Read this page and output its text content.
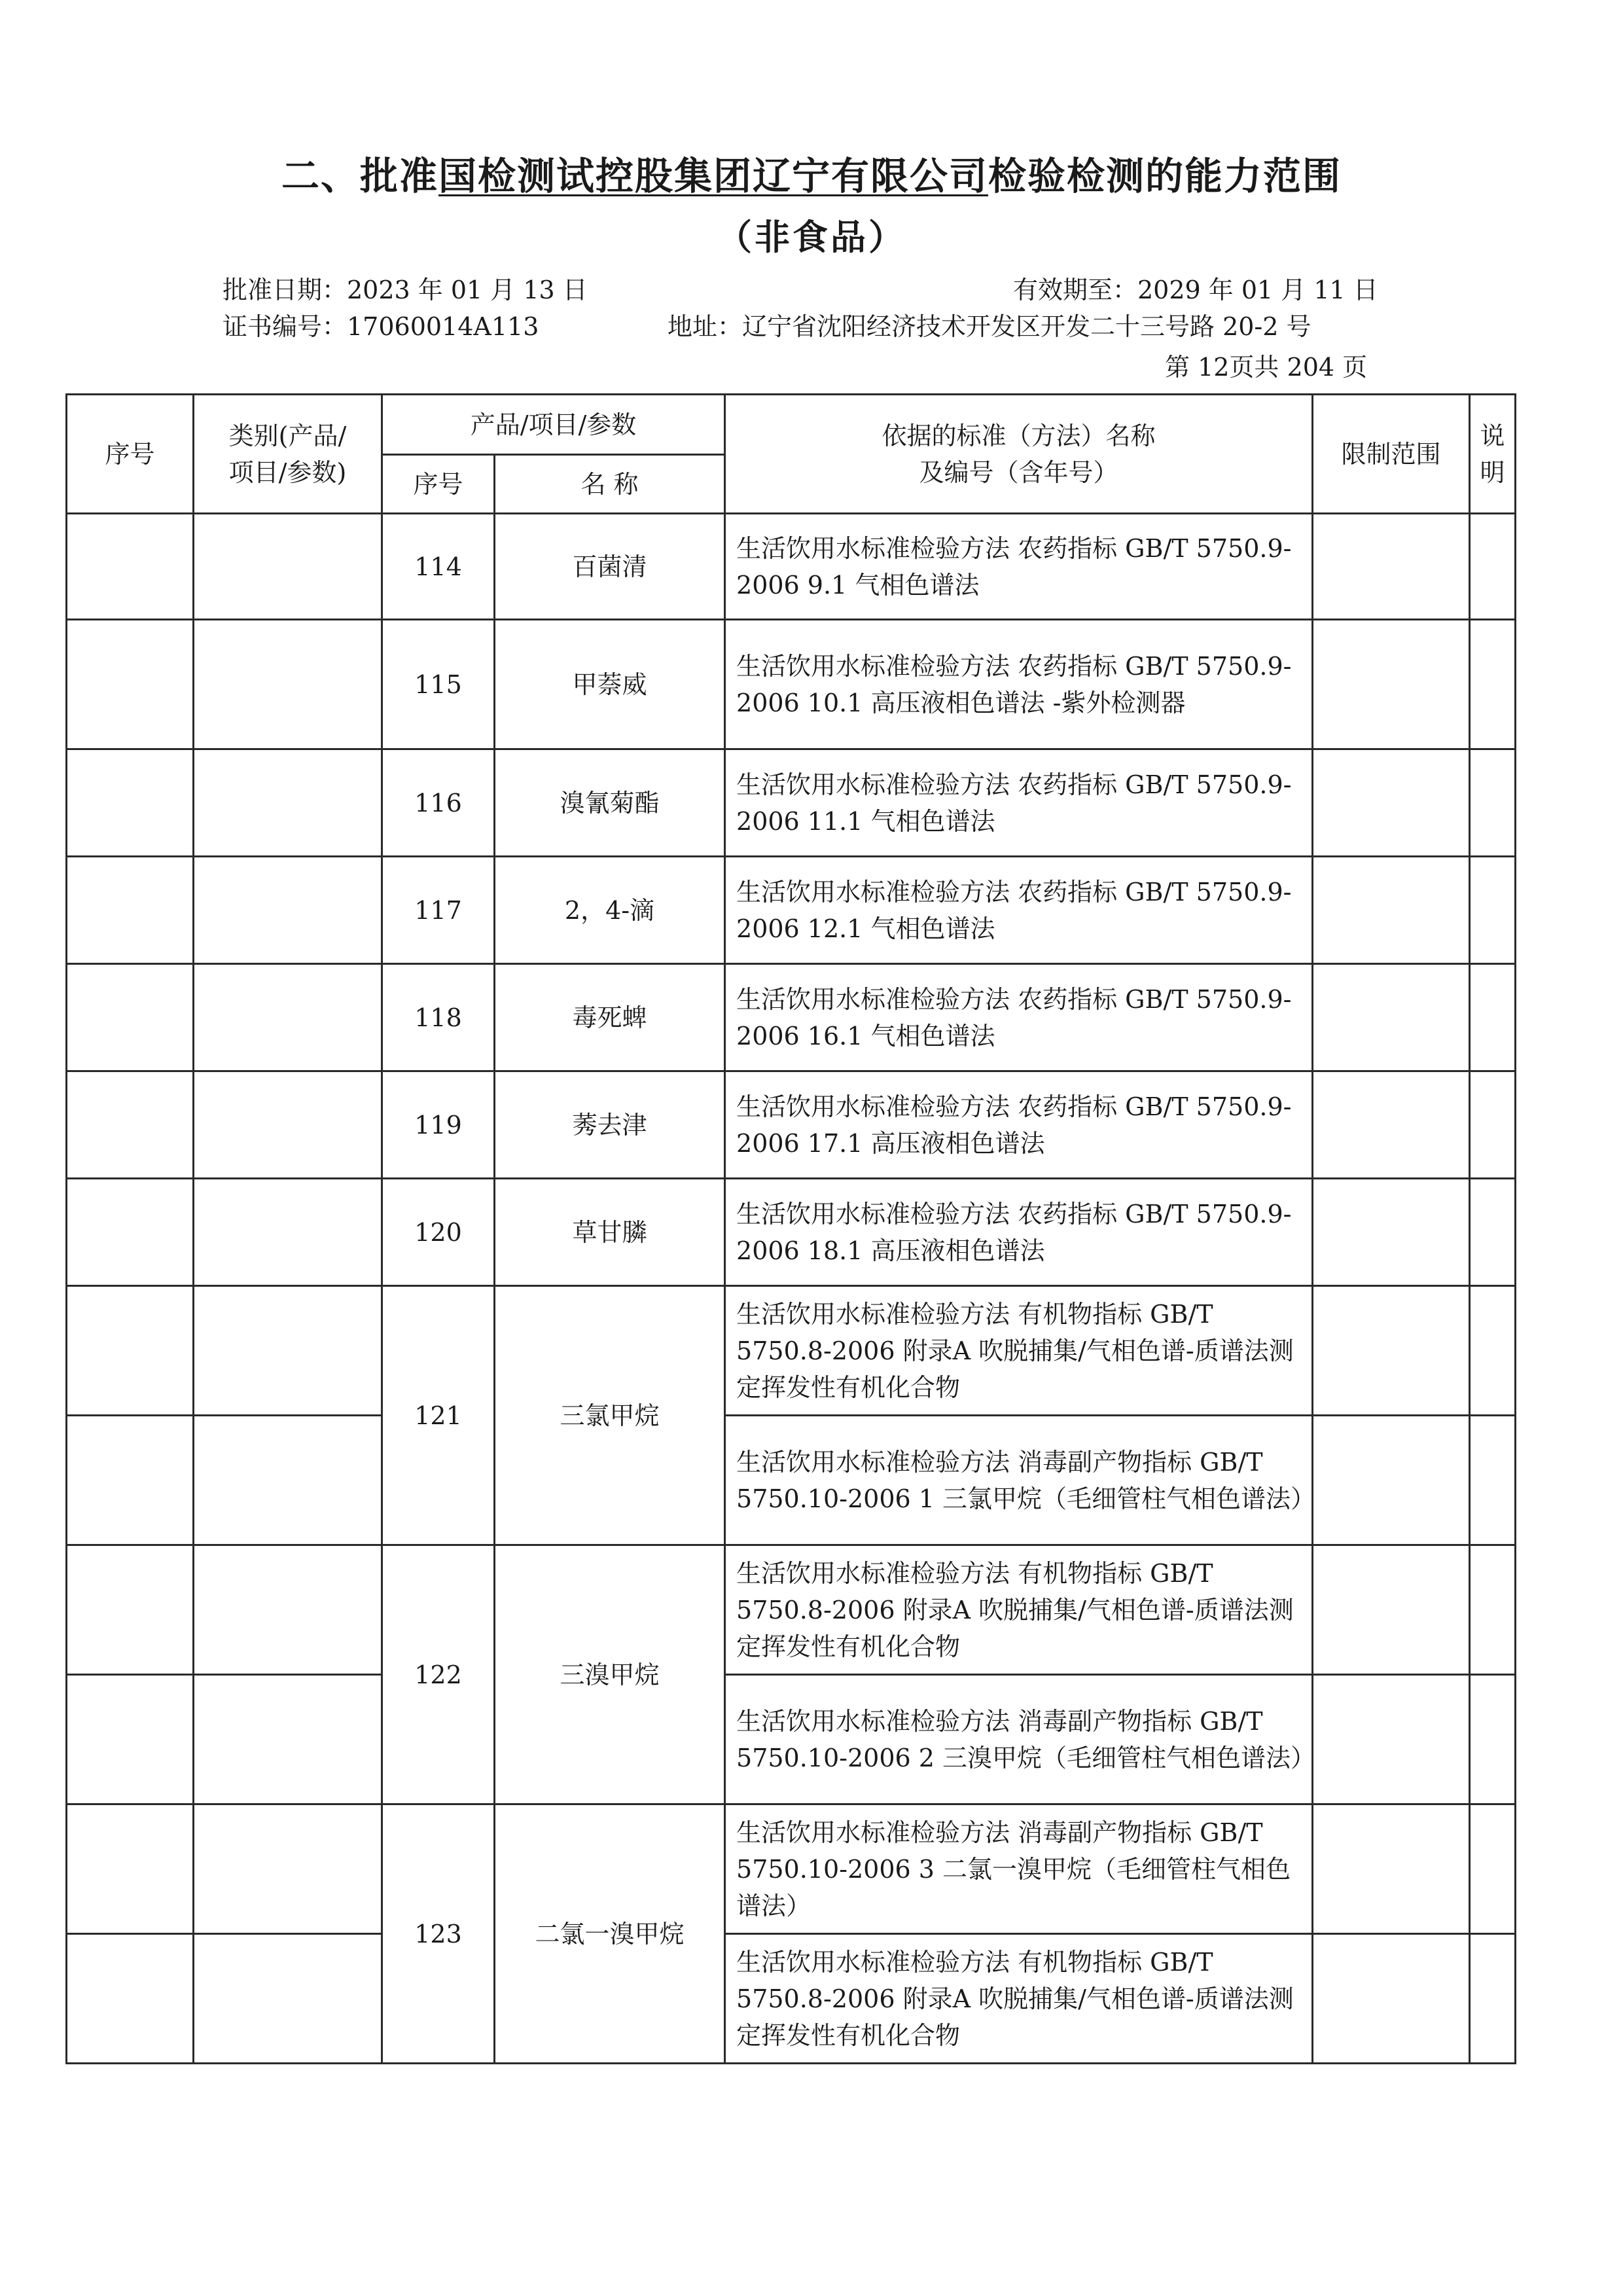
二、批准国检测试控股集团辽宁有限公司检验检测的能力范围
（非食品）
批准日期：2023 年 01 月 13 日	有效期至：2029 年 01 月 11 日
证书编号：17060014A113	地址：辽宁省沈阳经济技术开发区开发二十三号路 20-2 号
第 12页共 204 页
序号	类别(产品/项目/参数)	产品/项目/参数		依据的标准（方法）名称
及编号（含年号）	限制范围	说明
		序号	名 称			
		114	百菌清	生活饮用水标准检验方法 农药指标 GB/T 5750.9-2006 9.1 气相色谱法		
		115	甲萘威	生活饮用水标准检验方法 农药指标 GB/T 5750.9-2006 10.1 高压液相色谱法 -紫外检测器		
		116	溴氰菊酯	生活饮用水标准检验方法 农药指标 GB/T 5750.9-2006 11.1 气相色谱法		
		117	2，4-滴	生活饮用水标准检验方法 农药指标 GB/T 5750.9-2006 12.1 气相色谱法		
		118	毒死蜱	生活饮用水标准检验方法 农药指标 GB/T 5750.9-2006 16.1 气相色谱法		
		119	莠去津	生活饮用水标准检验方法 农药指标 GB/T 5750.9-2006 17.1 高压液相色谱法		
		120	草甘膦	生活饮用水标准检验方法 农药指标 GB/T 5750.9-2006 18.1 高压液相色谱法		
		121	三氯甲烷	生活饮用水标准检验方法 有机物指标 GB/T 5750.8-2006 附录A 吹脱捕集/气相色谱-质谱法测定挥发性有机化合物		
				生活饮用水标准检验方法 消毒副产物指标 GB/T 5750.10-2006 1 三氯甲烷（毛细管柱气相色谱法）		
		122	三溴甲烷	生活饮用水标准检验方法 有机物指标 GB/T 5750.8-2006 附录A 吹脱捕集/气相色谱-质谱法测定挥发性有机化合物		
				生活饮用水标准检验方法 消毒副产物指标 GB/T 5750.10-2006 2 三溴甲烷（毛细管柱气相色谱法）		
		123	二氯一溴甲烷	生活饮用水标准检验方法 消毒副产物指标 GB/T 5750.10-2006 3 二氯一溴甲烷（毛细管柱气相色谱法）		
				生活饮用水标准检验方法 有机物指标 GB/T 5750.8-2006 附录A 吹脱捕集/气相色谱-质谱法测定挥发性有机化合物		
